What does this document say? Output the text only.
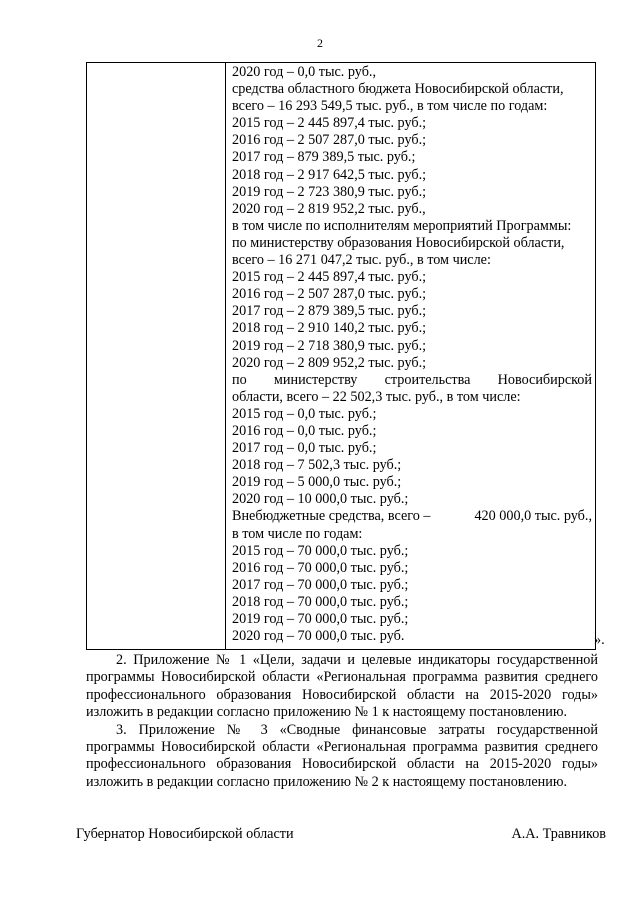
2
2020 год – 0,0 тыс. руб.,
средства областного бюджета Новосибирской области,
всего – 16 293 549,5 тыс. руб., в том числе по годам:
2015 год – 2 445 897,4 тыс. руб.;
2016 год – 2 507 287,0 тыс. руб.;
2017 год – 879 389,5 тыс. руб.;
2018 год – 2 917 642,5 тыс. руб.;
2019 год – 2 723 380,9 тыс. руб.;
2020 год – 2 819 952,2 тыс. руб.,
в том числе по исполнителям мероприятий Программы:
по министерству образования Новосибирской области,
всего – 16 271 047,2 тыс. руб., в том числе:
2015 год – 2 445 897,4 тыс. руб.;
2016 год – 2 507 287,0 тыс. руб.;
2017 год – 2 879 389,5 тыс. руб.;
2018 год – 2 910 140,2 тыс. руб.;
2019 год – 2 718 380,9 тыс. руб.;
2020 год – 2 809 952,2 тыс. руб.;
по министерству строительства Новосибирской
области, всего – 22 502,3 тыс. руб., в том числе:
2015 год – 0,0 тыс. руб.;
2016 год – 0,0 тыс. руб.;
2017 год – 0,0 тыс. руб.;
2018 год – 7 502,3 тыс. руб.;
2019 год – 5 000,0 тыс. руб.;
2020 год – 10 000,0 тыс. руб.;
Внебюджетные средства, всего –	420 000,0 тыс. руб.,
в том числе по годам:
2015 год – 70 000,0 тыс. руб.;
2016 год – 70 000,0 тыс. руб.;
2017 год – 70 000,0 тыс. руб.;
2018 год – 70 000,0 тыс. руб.;
2019 год – 70 000,0 тыс. руб.;
2020 год – 70 000,0 тыс. руб.	».
2. Приложение № 1 «Цели, задачи и целевые индикаторы государственной
программы Новосибирской области «Региональная программа развития среднего
профессионального образования Новосибирской области на 2015-2020 годы»
изложить в редакции согласно приложению № 1 к настоящему постановлению.
3. Приложение № 3 «Сводные финансовые затраты государственной
программы Новосибирской области «Региональная программа развития среднего
профессионального образования Новосибирской области на 2015-2020 годы»
изложить в редакции согласно приложению № 2 к настоящему постановлению.
Губернатор Новосибирской области	А.А. Травников
